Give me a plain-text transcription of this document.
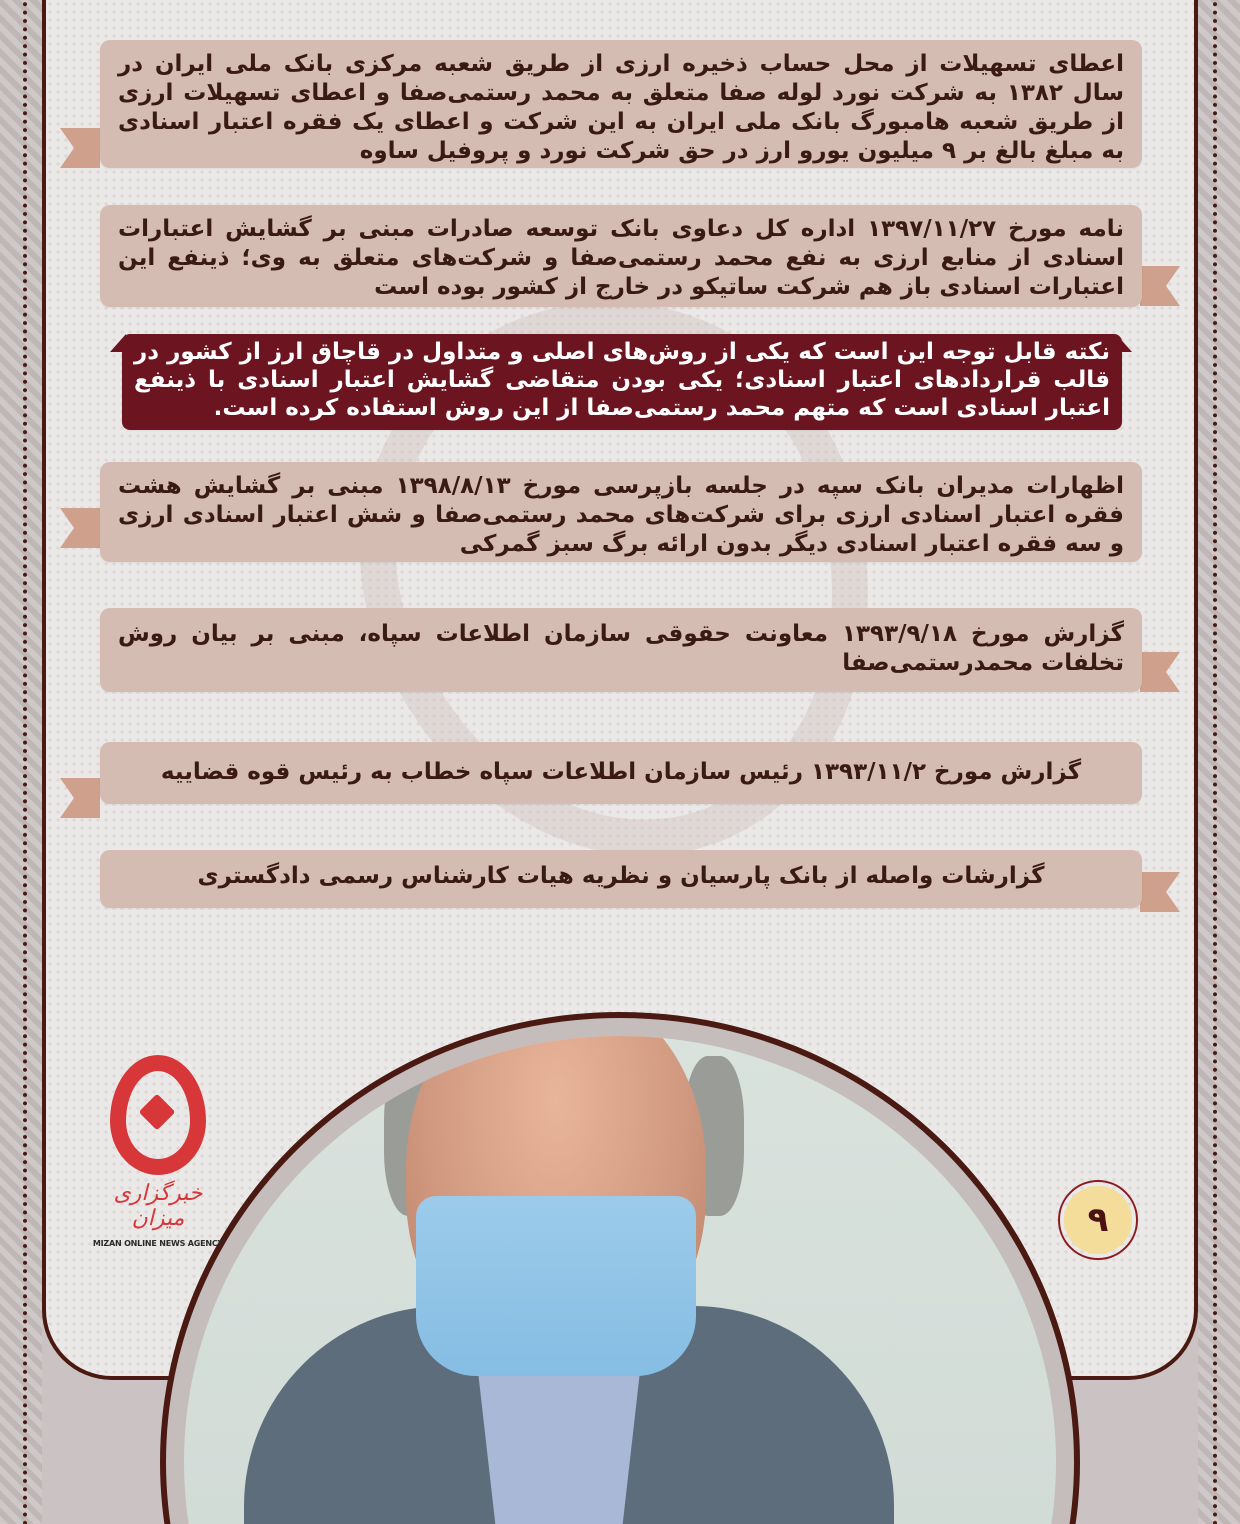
اعطای تسهیلات از محل حساب ذخیره ارزی از طریق شعبه مرکزی بانک ملی ایران در سال ۱۳۸۲ به شرکت نورد لوله صفا متعلق به محمد رستمی‌صفا و اعطای تسهیلات ارزی از طریق شعبه هامبورگ بانک ملی ایران به این شرکت و اعطای یک فقره اعتبار اسنادی به مبلغ بالغ بر ۹ میلیون یورو ارز در حق شرکت نورد و پروفیل ساوه
نامه مورخ ۱۳۹۷/۱۱/۲۷ اداره کل دعاوی بانک توسعه صادرات مبنی بر گشایش اعتبارات اسنادی از منابع ارزی به نفع محمد رستمی‌صفا و شرکت‌های متعلق به وی؛ ذینفع این اعتبارات اسنادی باز هم شرکت ساتیکو در خارج از کشور بوده است
نکته قابل توجه این است که یکی از روش‌های اصلی و متداول در قاچاق ارز از کشور در قالب قراردادهای اعتبار اسنادی؛ یکی بودن متقاضی گشایش اعتبار اسنادی با ذینفع اعتبار اسنادی است که متهم محمد رستمی‌صفا از این روش استفاده کرده است.
اظهارات مدیران بانک سپه در جلسه بازپرسی مورخ ۱۳۹۸/۸/۱۳ مبنی بر گشایش هشت فقره اعتبار اسنادی ارزی برای شرکت‌های محمد رستمی‌صفا و شش اعتبار اسنادی ارزی و سه فقره اعتبار اسنادی دیگر بدون ارائه برگ سبز گمرکی
گزارش مورخ ۱۳۹۳/۹/۱۸ معاونت حقوقی سازمان اطلاعات سپاه، مبنی بر بیان روش تخلفات محمدرستمی‌صفا
گزارش مورخ ۱۳۹۳/۱۱/۲ رئیس سازمان اطلاعات سپاه خطاب به رئیس قوه قضاییه
گزارشات واصله از بانک پارسیان و نظریه هیات کارشناس رسمی دادگستری
خبرگزاری میزان
MIZAN ONLINE NEWS AGENCY
۹
